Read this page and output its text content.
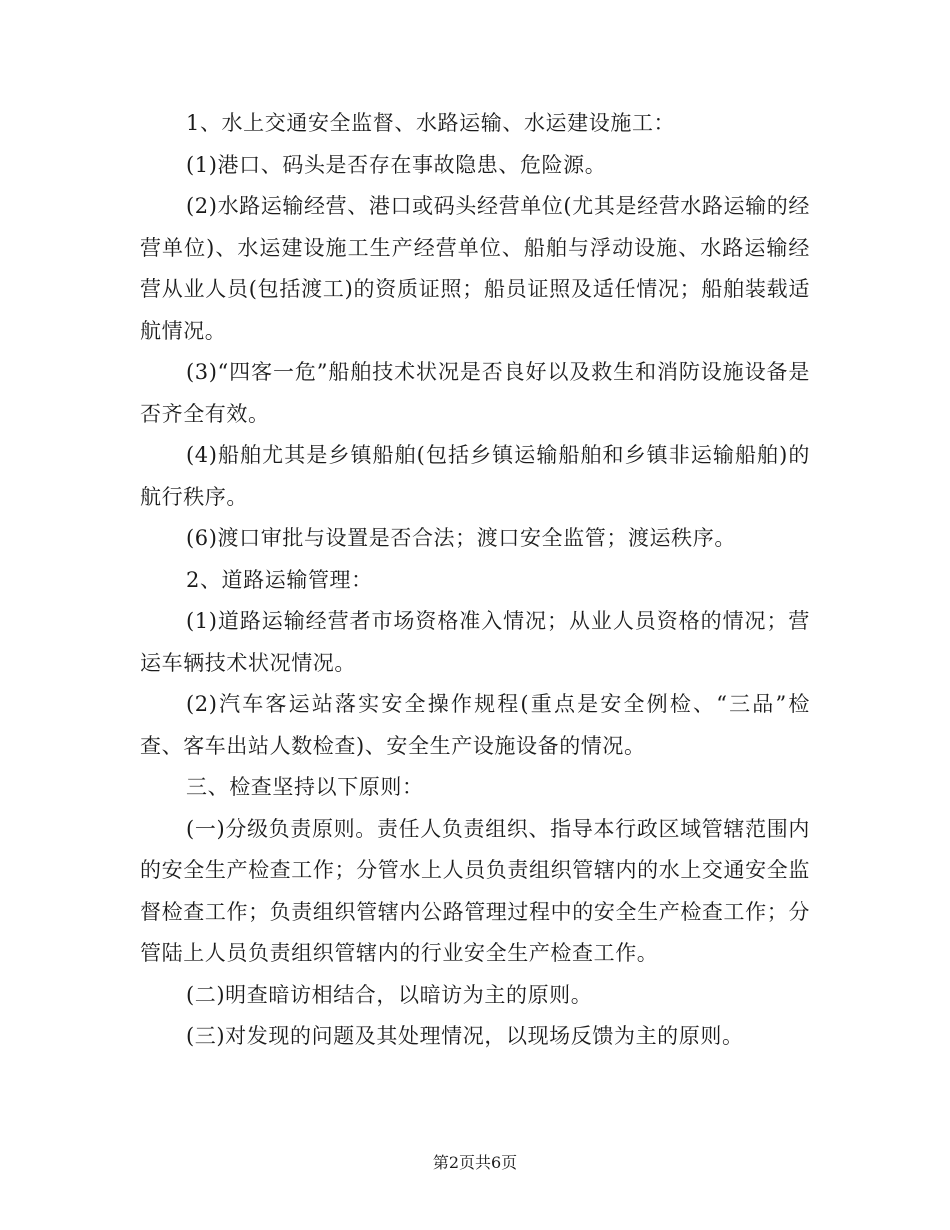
1、水上交通安全监督、水路运输、水运建设施工：

(1)港口、码头是否存在事故隐患、危险源。

(2)水路运输经营、港口或码头经营单位(尤其是经营水路运输的经营单位)、水运建设施工生产经营单位、船舶与浮动设施、水路运输经营从业人员(包括渡工)的资质证照；船员证照及适任情况；船舶装载适航情况。

(3)“四客一危”船舶技术状况是否良好以及救生和消防设施设备是否齐全有效。

(4)船舶尤其是乡镇船舶(包括乡镇运输船舶和乡镇非运输船舶)的航行秩序。

(6)渡口审批与设置是否合法；渡口安全监管；渡运秩序。

2、道路运输管理：

(1)道路运输经营者市场资格准入情况；从业人员资格的情况；营运车辆技术状况情况。

(2)汽车客运站落实安全操作规程(重点是安全例检、“三品”检查、客车出站人数检查)、安全生产设施设备的情况。

三、检查坚持以下原则：

(一)分级负责原则。责任人负责组织、指导本行政区域管辖范围内的安全生产检查工作；分管水上人员负责组织管辖内的水上交通安全监督检查工作；负责组织管辖内公路管理过程中的安全生产检查工作；分管陆上人员负责组织管辖内的行业安全生产检查工作。

(二)明查暗访相结合，以暗访为主的原则。

(三)对发现的问题及其处理情况，以现场反馈为主的原则。

第2页共6页
